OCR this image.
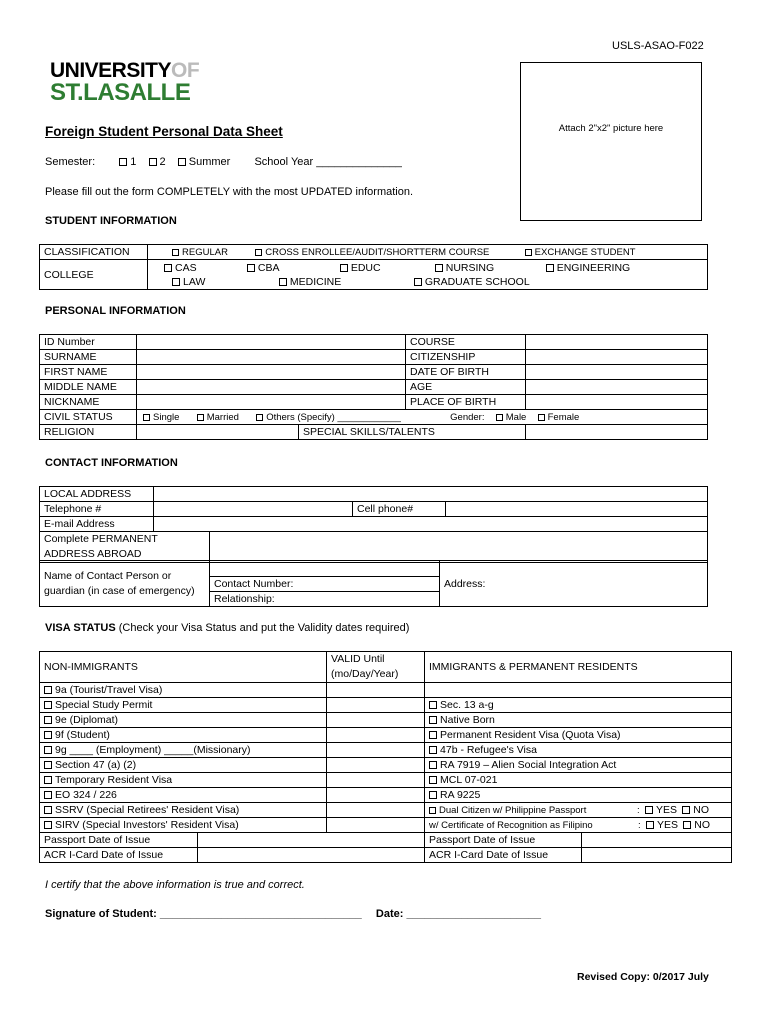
USLS-ASAO-F022
UNIVERSITYOF
ST.LASALLE
Attach 2"x2" picture here
Foreign Student Personal Data Sheet
Semester:	1 2 Summer School Year ______________
Please fill out the form COMPLETELY with the most UPDATED information.
STUDENT INFORMATION
CLASSIFICATION	REGULAR CROSS ENROLLEE/AUDIT/SHORTTERM COURSE EXCHANGE STUDENT
COLLEGE	CAS CBA EDUC NURSING ENGINEERING
LAW MEDICINE GRADUATE SCHOOL
PERSONAL INFORMATION
ID Number			COURSE	
SURNAME			CITIZENSHIP	
FIRST NAME			DATE OF BIRTH	
MIDDLE NAME			AGE	
NICKNAME			PLACE OF BIRTH	
CIVIL STATUS	Single Married Others (Specify) ____________ Gender: Male Female			
RELIGION		SPECIAL SKILLS/TALENTS		
CONTACT INFORMATION
LOCAL ADDRESS				
Telephone #			Cell phone#	
E-mail Address				
Complete PERMANENT ADDRESS ABROAD				
Name of Contact Person or guardian (in case of emergency)		Address:
Contact Number:
Relationship:
VISA STATUS (Check your Visa Status and put the Validity dates required)
NON-IMMIGRANTS		VALID Until (mo/Day/Year)	IMMIGRANTS & PERMANENT RESIDENTS	
9a (Tourist/Travel Visa)				
Special Study Permit			Sec. 13 a-g	
9e (Diplomat)			Native Born	
9f (Student)			Permanent Resident Visa (Quota Visa)	
9g ____ (Employment) _____(Missionary)			47b - Refugee's Visa	
Section 47 (a) (2)			RA 7919 – Alien Social Integration Act	
Temporary Resident Visa			MCL 07-021	
EO 324 / 226			RA 9225	
SSRV (Special Retirees' Resident Visa)			Dual Citizen w/ Philippine Passport :  YES NO	
SIRV (Special Investors' Resident Visa)			w/ Certificate of Recognition as Filipino :  YES NO	
Passport Date of Issue			Passport Date of Issue	
ACR I-Card Date of Issue			ACR I-Card Date of Issue	
I certify that the above information is true and correct.
Signature of Student: _________________________________ Date: ______________________
Revised Copy: 0/2017 July
